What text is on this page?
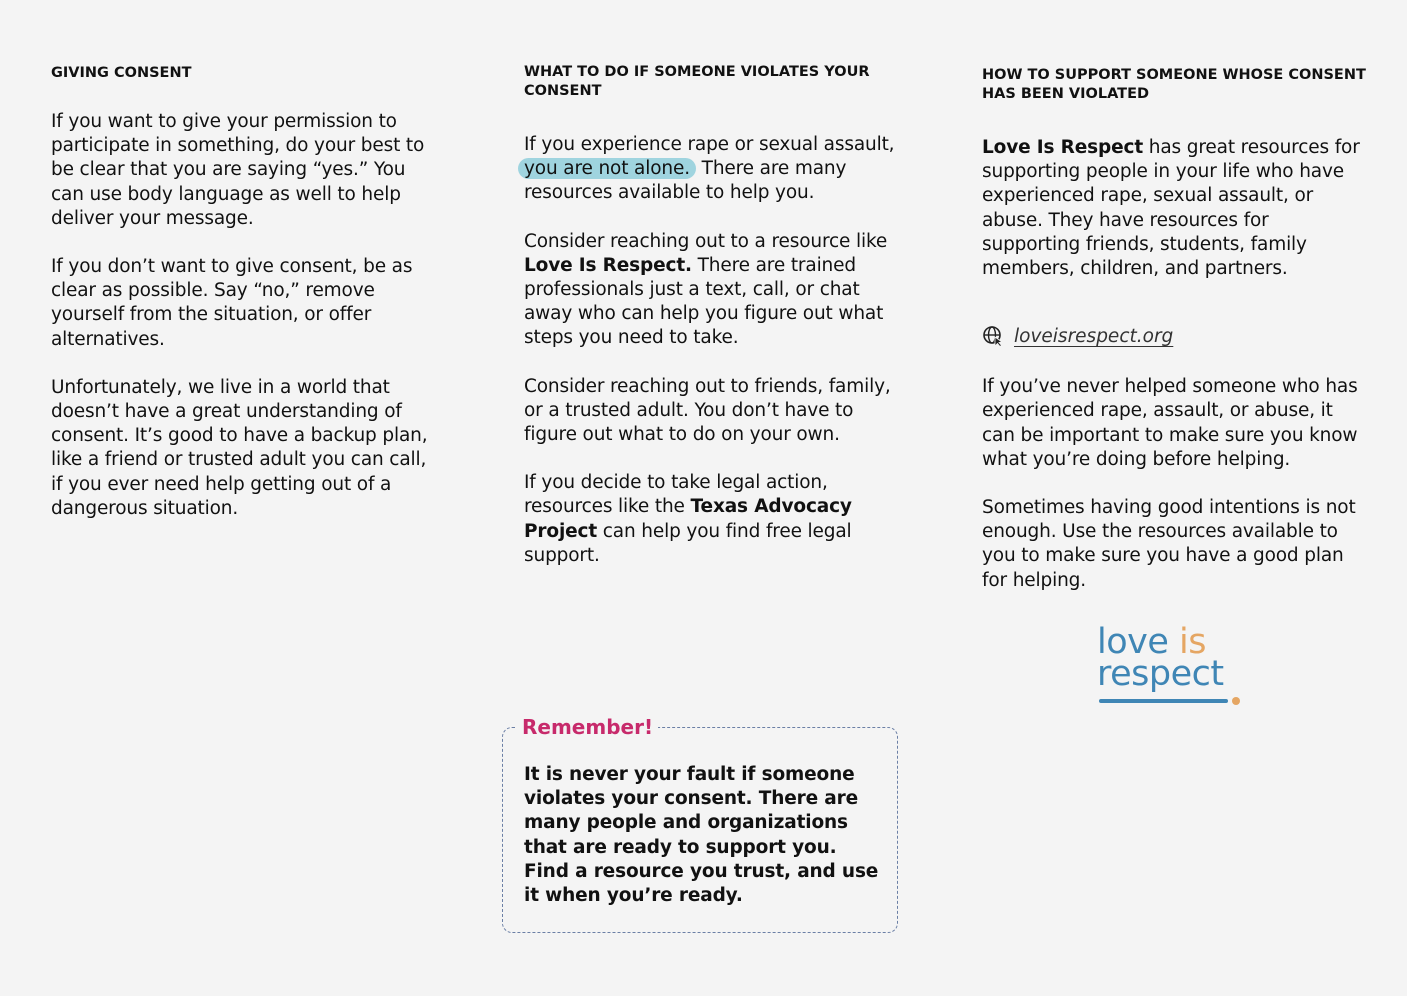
GIVING CONSENT

If you want to give your permission to participate in something, do your best to be clear that you are saying “yes.” You can use body language as well to help deliver your message.

If you don’t want to give consent, be as clear as possible. Say “no,” remove yourself from the situation, or offer alternatives.

Unfortunately, we live in a world that doesn’t have a great understanding of consent. It’s good to have a backup plan, like a friend or trusted adult you can call, if you ever need help getting out of a dangerous situation.

WHAT TO DO IF SOMEONE VIOLATES YOUR CONSENT

If you experience rape or sexual assault, you are not alone. There are many resources available to help you.

Consider reaching out to a resource like Love Is Respect. There are trained professionals just a text, call, or chat away who can help you figure out what steps you need to take.

Consider reaching out to friends, family, or a trusted adult. You don’t have to figure out what to do on your own.

If you decide to take legal action, resources like the Texas Advocacy Project can help you find free legal support.

HOW TO SUPPORT SOMEONE WHOSE CONSENT HAS BEEN VIOLATED

Love Is Respect has great resources for supporting people in your life who have experienced rape, sexual assault, or abuse. They have resources for supporting friends, students, family members, children, and partners.

loveisrespect.org

If you’ve never helped someone who has experienced rape, assault, or abuse, it can be important to make sure you know what you’re doing before helping.

Sometimes having good intentions is not enough. Use the resources available to you to make sure you have a good plan for helping.

love is
respect
Remember!

It is never your fault if someone violates your consent. There are many people and organizations that are ready to support you. Find a resource you trust, and use it when you’re ready.
